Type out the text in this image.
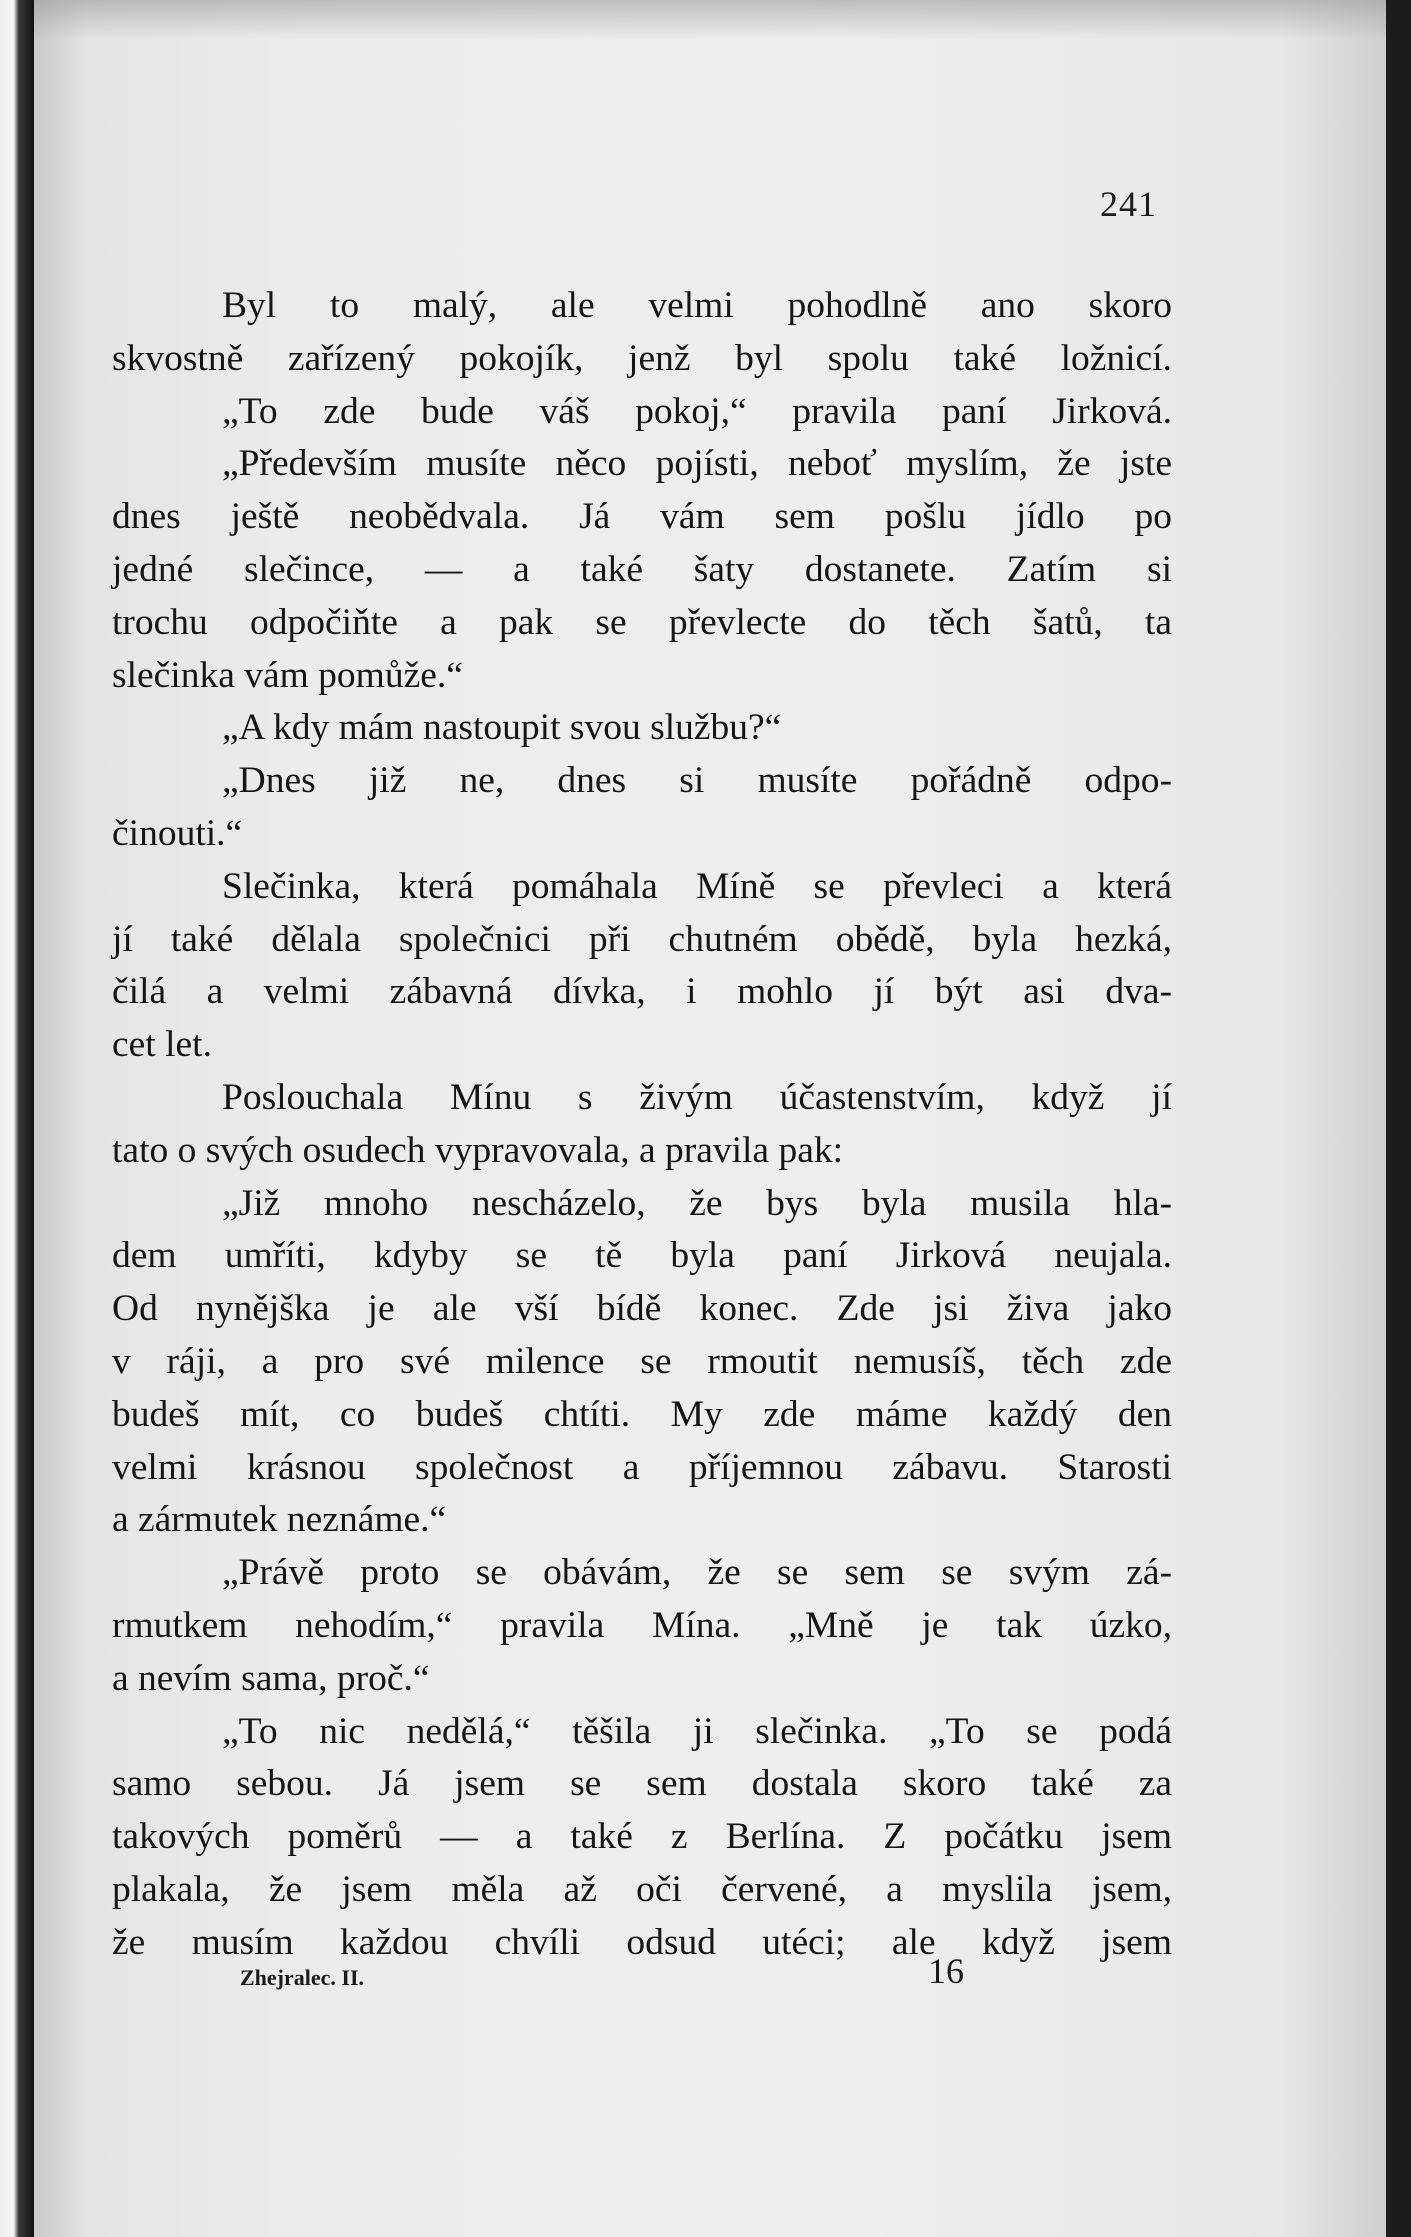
241
Byl to malý, ale velmi pohodlně ano skoro
skvostně zařízený pokojík, jenž byl spolu také ložnicí.
„To zde bude váš pokoj,“ pravila paní Jirková.
„Především musíte něco pojísti, neboť myslím, že jste
dnes ještě neobědvala. Já vám sem pošlu jídlo po
jedné slečince, — a také šaty dostanete. Zatím si
trochu odpočiňte a pak se převlecte do těch šatů, ta
slečinka vám pomůže.“
„A kdy mám nastoupit svou službu?“
„Dnes již ne, dnes si musíte pořádně odpo-
činouti.“
Slečinka, která pomáhala Míně se převleci a která
jí také dělala společnici při chutném obědě, byla hezká,
čilá a velmi zábavná dívka, i mohlo jí být asi dva-
cet let.
Poslouchala Mínu s živým účastenstvím, když jí
tato o svých osudech vypravovala, a pravila pak:
„Již mnoho nescházelo, že bys byla musila hla-
dem umříti, kdyby se tě byla paní Jirková neujala.
Od nynějška je ale vší bídě konec. Zde jsi živa jako
v ráji, a pro své milence se rmoutit nemusíš, těch zde
budeš mít, co budeš chtíti. My zde máme každý den
velmi krásnou společnost a příjemnou zábavu. Starosti
a zármutek neznáme.“
„Právě proto se obávám, že se sem se svým zá-
rmutkem nehodím,“ pravila Mína. „Mně je tak úzko,
a nevím sama, proč.“
„To nic nedělá,“ těšila ji slečinka. „To se podá
samo sebou. Já jsem se sem dostala skoro také za
takových poměrů — a také z Berlína. Z počátku jsem
plakala, že jsem měla až oči červené, a myslila jsem,
že musím každou chvíli odsud utéci; ale když jsem
Zhejralec. II.	16
